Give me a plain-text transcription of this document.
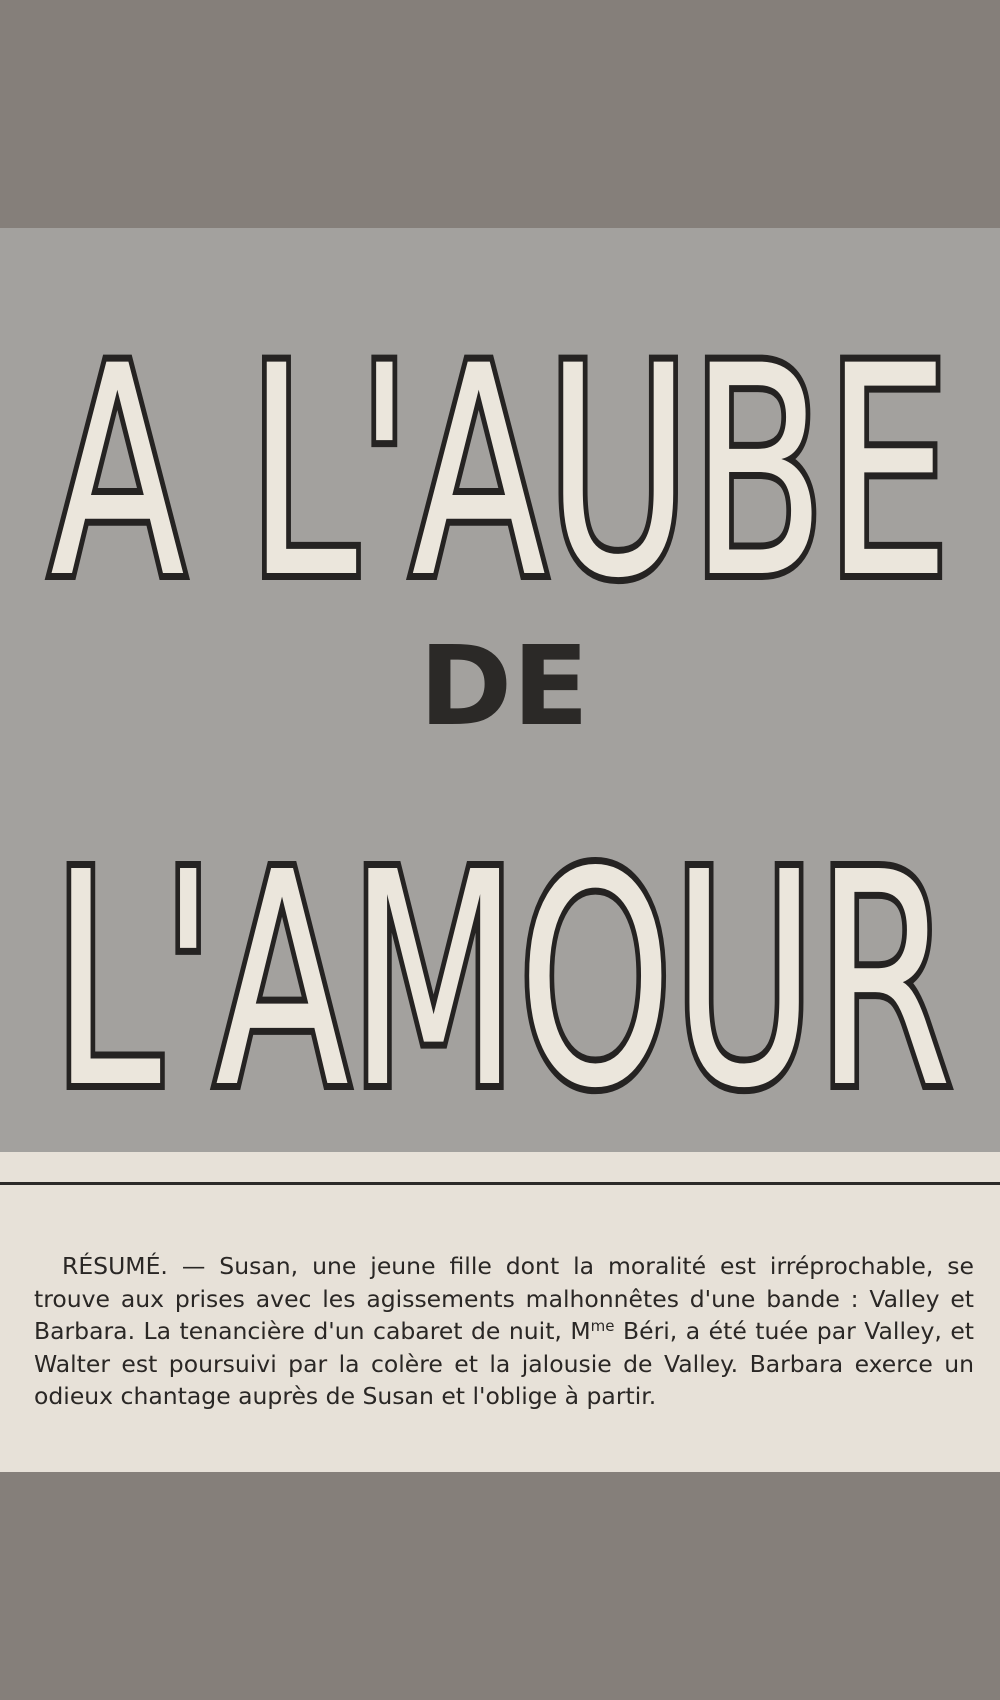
A L'AUBE
DE
L'AMOUR

RÉSUMÉ. — Susan, une jeune fille dont la moralité est irréprochable, se trouve aux prises avec les agissements malhonnêtes d'une bande : Valley et Barbara. La tenancière d'un cabaret de nuit, $M^{me}$ Béri, a été tuée par Valley, et Walter est poursuivi par la colère et la jalousie de Valley. Barbara exerce un odieux chantage auprès de Susan et l'oblige à partir.
